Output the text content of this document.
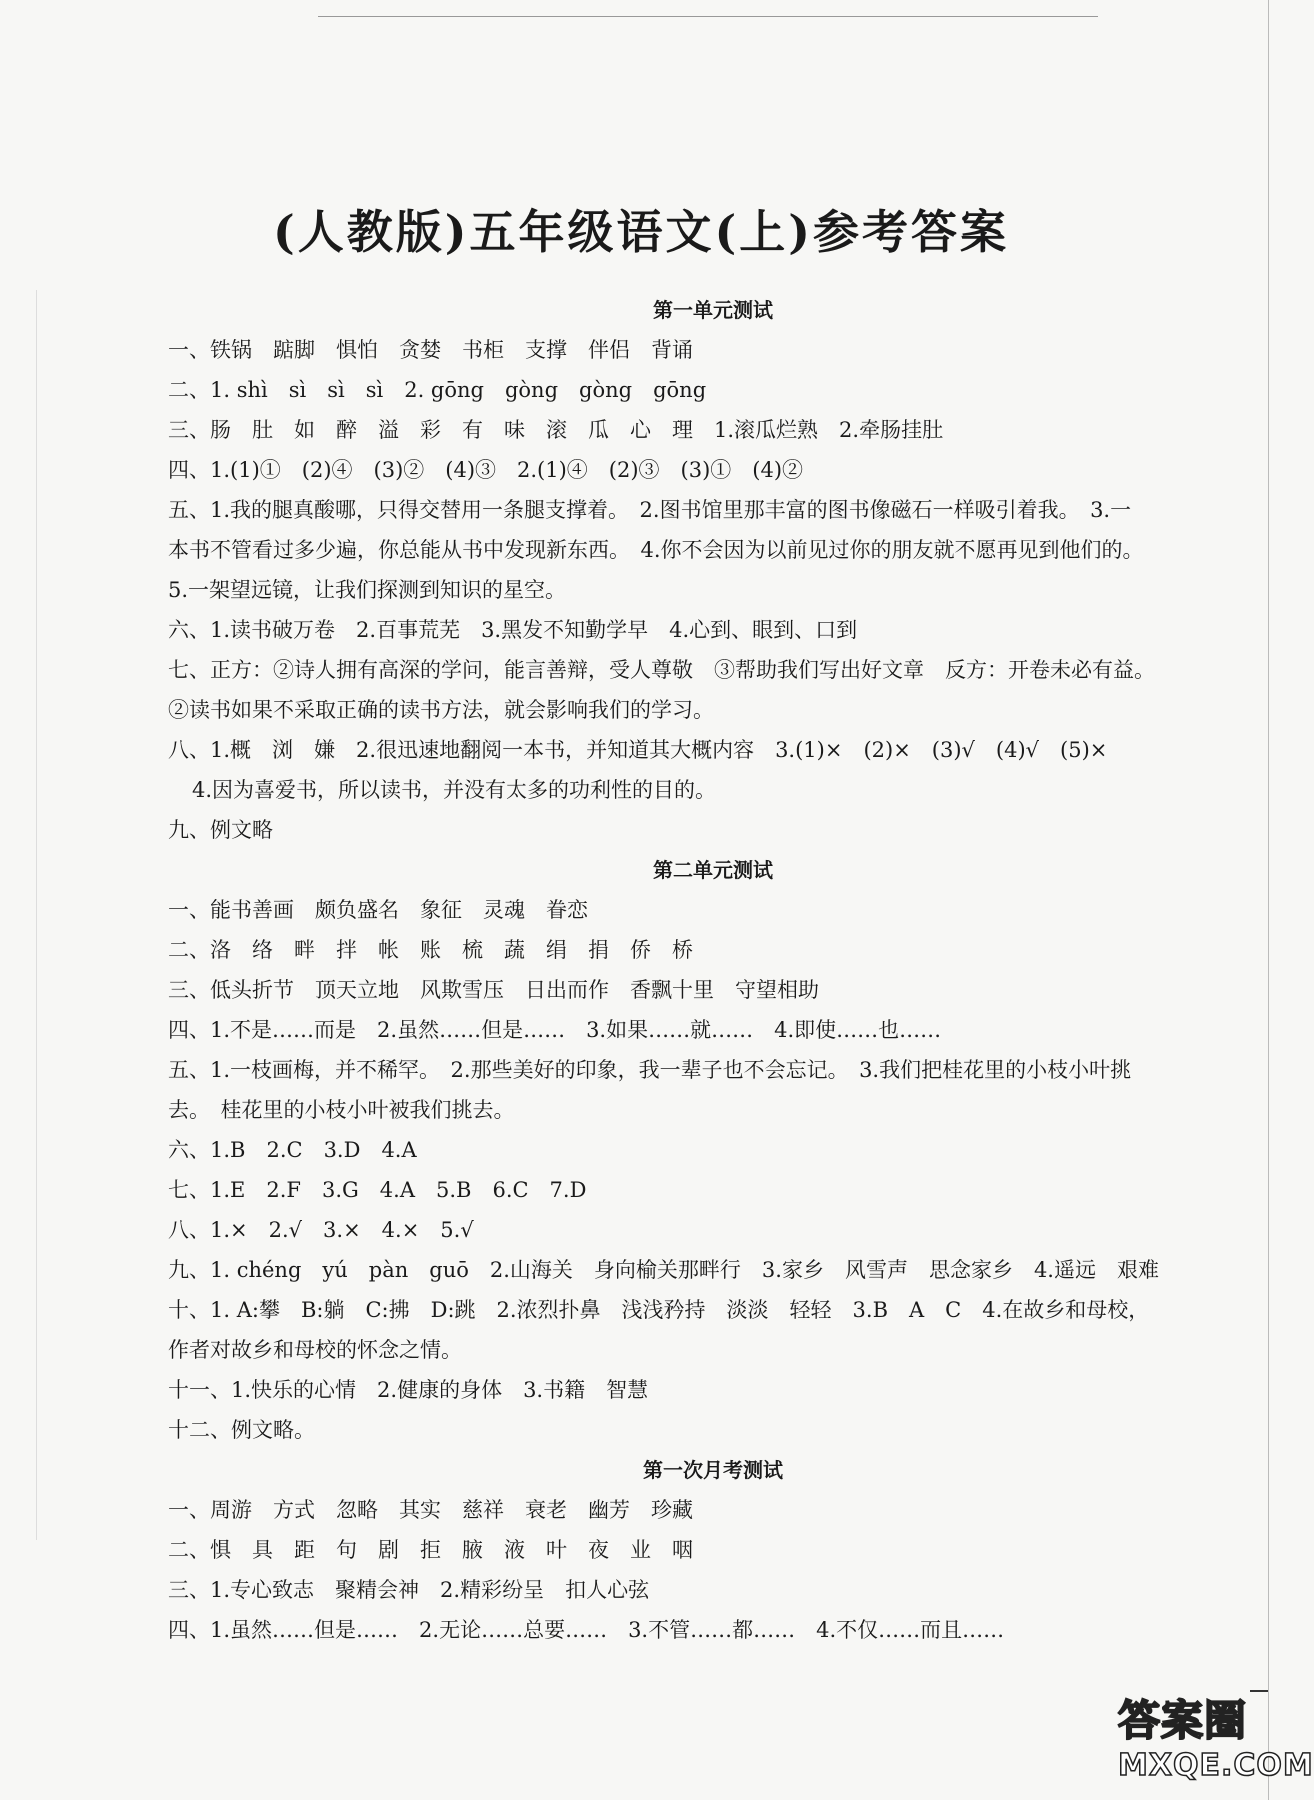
(人教版)五年级语文(上)参考答案
第一单元测试

一、铁锅　踮脚　惧怕　贪婪　书柜　支撑　伴侣　背诵

二、1. shì　sì　sì　sì　2. gōng　gòng　gòng　gōng

三、肠　肚　如　醉　溢　彩　有　味　滚　瓜　心　理　1.滚瓜烂熟　2.牵肠挂肚

四、1.(1)①　(2)④　(3)②　(4)③　2.(1)④　(2)③　(3)①　(4)②

五、1.我的腿真酸哪，只得交替用一条腿支撑着。　2.图书馆里那丰富的图书像磁石一样吸引着我。　3.一

本书不管看过多少遍，你总能从书中发现新东西。　4.你不会因为以前见过你的朋友就不愿再见到他们的。

5.一架望远镜，让我们探测到知识的星空。

六、1.读书破万卷　2.百事荒芜　3.黑发不知勤学早　4.心到、眼到、口到

七、正方：②诗人拥有高深的学问，能言善辩，受人尊敬　③帮助我们写出好文章　反方：开卷未必有益。

②读书如果不采取正确的读书方法，就会影响我们的学习。

八、1.概　浏　嫌　2.很迅速地翻阅一本书，并知道其大概内容　3.(1)×　(2)×　(3)√　(4)√　(5)×

4.因为喜爱书，所以读书，并没有太多的功利性的目的。

九、例文略

第二单元测试

一、能书善画　颇负盛名　象征　灵魂　眷恋

二、洛　络　畔　拌　帐　账　梳　蔬　绢　捐　侨　桥

三、低头折节　顶天立地　风欺雪压　日出而作　香飘十里　守望相助

四、1.不是……而是　2.虽然……但是……　3.如果……就……　4.即使……也……

五、1.一枝画梅，并不稀罕。　2.那些美好的印象，我一辈子也不会忘记。　3.我们把桂花里的小枝小叶挑

去。　桂花里的小枝小叶被我们挑去。

六、1.B　2.C　3.D　4.A

七、1.E　2.F　3.G　4.A　5.B　6.C　7.D

八、1.×　2.√　3.×　4.×　5.√

九、1. chéng　yú　pàn　guō　2.山海关　身向榆关那畔行　3.家乡　风雪声　思念家乡　4.遥远　艰难

十、1. A:攀　B:躺　C:拂　D:跳　2.浓烈扑鼻　浅浅矜持　淡淡　轻轻　3.B　A　C　4.在故乡和母校，

作者对故乡和母校的怀念之情。

十一、1.快乐的心情　2.健康的身体　3.书籍　智慧

十二、例文略。

第一次月考测试

一、周游　方式　忽略　其实　慈祥　衰老　幽芳　珍藏

二、惧　具　距　句　剧　拒　腋　液　叶　夜　业　咽

三、1.专心致志　聚精会神　2.精彩纷呈　扣人心弦

四、1.虽然……但是……　2.无论……总要……　3.不管……都……　4.不仅……而且……

答案圈
MXQE.COM
